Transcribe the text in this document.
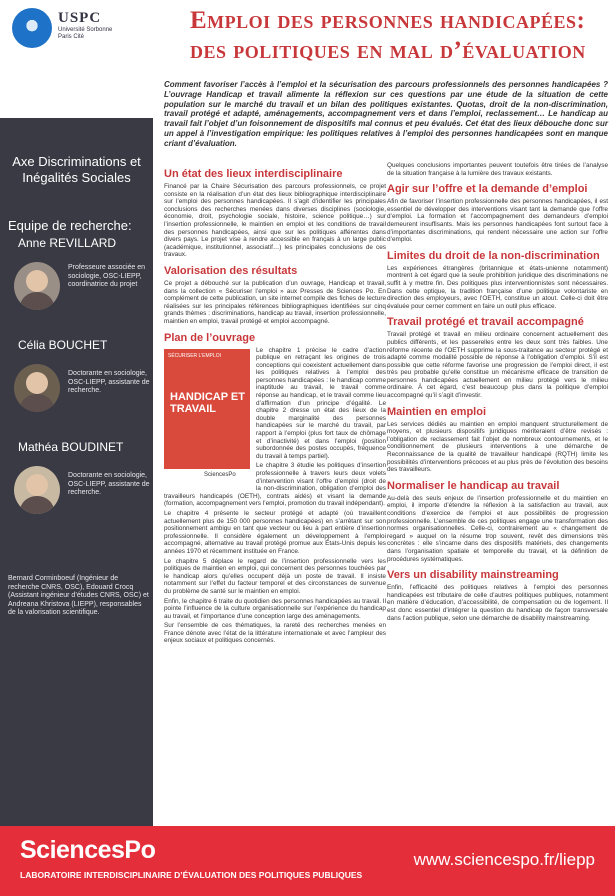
USPC
Université Sorbonne Paris Cité
Emploi des personnes handicapées: des politiques en mal d’évaluation

Comment favoriser l’accès à l’emploi et la sécurisation des parcours professionnels des personnes handicapées ? L’ouvrage Handicap et travail alimente la réflexion sur ces questions par une étude de la situation de cette population sur le marché du travail et un bilan des politiques existantes. Quotas, droit de la non-discrimination, travail protégé et adapté, aménagements, accompagnement vers et dans l’emploi, reclassement… Le handicap au travail fait l’objet d’un foisonnement de dispositifs mal connus et peu évalués. Cet état des lieux débouche donc sur un appel à l’investigation empirique: les politiques relatives à l’emploi des personnes handicapées sont en manque criant d’évaluation.

Axe Discriminations et Inégalités Sociales
Equipe de recherche:
Anne REVILLARD
Professeure associée en sociologie, OSC-LIEPP, coordinatrice du projet
Célia BOUCHET
Doctorante en sociologie, OSC-LIEPP, assistante de recherche.
Mathéa BOUDINET
Doctorante en sociologie, OSC-LIEPP, assistante de recherche.
Bernard Corminboeuf (Ingénieur de recherche CNRS, OSC), Edouard Crocq (Assistant ingénieur d’études CNRS, OSC) et Andreana Khristova (LIEPP), responsables de la valorisation scientifique.
Un état des lieux interdisciplinaire

Financé par la Chaire Sécurisation des parcours professionnels, ce projet consiste en la réalisation d’un état des lieux bibliographique interdisciplinaire sur l’emploi des personnes handicapées. Il s’agit d’identifier les principales conclusions des recherches menées dans diverses disciplines (sociologie, économie, droit, psychologie sociale, histoire, science politique…) sur l’insertion professionnelle, le maintien en emploi et les conditions de travail des personnes handicapées, ainsi que sur les politiques afférentes dans divers pays. Le projet vise à rendre accessible en français à un large public (académique, institutionnel, associatif…) les principales conclusions de ces travaux.

Valorisation des résultats

Ce projet a débouché sur la publication d’un ouvrage, Handicap et travail, dans la collection « Sécuriser l’emploi » aux Presses de Sciences Po. En complément de cette publication, un site internet compile des fiches de lecture réalisées sur les principales références bibliographiques identifiées sur cinq grands thèmes : discriminations, handicap au travail, insertion professionnelle, maintien en emploi, travail protégé et emploi accompagné.

Plan de l’ouvrage
SÉCURISER L’EMPLOI
HANDICAP ET TRAVAIL
SciencesPo

Le chapitre 1 précise le cadre d’action publique en retraçant les origines de trois conceptions qui coexistent actuellement dans les politiques relatives à l’emploi des personnes handicapées : le handicap comme inaptitude au travail, le travail comme réponse au handicap, et le travail comme lieu d’affirmation d’un principe d’égalité. Le chapitre 2 dresse un état des lieux de la double marginalité des personnes handicapées sur le marché du travail, par rapport à l’emploi (plus fort taux de chômage et d’inactivité) et dans l’emploi (position subordonnée des postes occupés, fréquence du travail à temps partiel).

Le chapitre 3 étudie les politiques d’insertion professionnelle à travers leurs deux volets d’intervention visant l’offre d’emploi (droit de la non-discrimination, obligation d’emploi des travailleurs handicapés (OETH), contrats aidés) et visant la demande (formation, accompagnement vers l’emploi, promotion du travail indépendant).

Le chapitre 4 présente le secteur protégé et adapté (où travaillent actuellement plus de 150 000 personnes handicapées) en s’arrêtant sur son positionnement ambigu en tant que vecteur ou lieu à part entière d’insertion professionnelle. Il considère également un développement à l’emploi accompagné, alternative au travail protégé promue aux États-Unis depuis les années 1970 et récemment instituée en France.

Le chapitre 5 déplace le regard de l’insertion professionnelle vers les politiques de maintien en emploi, qui concernent des personnes touchées par le handicap alors qu’elles occupent déjà un poste de travail. Il insiste notamment sur l’effet du facteur temporel et des circonstances de survenue du problème de santé sur le maintien en emploi.

Enfin, le chapitre 6 traite du quotidien des personnes handicapées au travail. Il pointe l’influence de la culture organisationnelle sur l’expérience du handicap au travail, et l’importance d’une conception large des aménagements.

Sur l’ensemble de ces thématiques, la rareté des recherches menées en France dénote avec l’état de la littérature internationale et avec l’ampleur des enjeux sociaux et politiques concernés.

Quelques conclusions importantes peuvent toutefois être tirées de l’analyse de la situation française à la lumière des travaux existants.

Agir sur l’offre et la demande d’emploi

Afin de favoriser l’insertion professionnelle des personnes handicapées, il est essentiel de développer des interventions visant tant la demande que l’offre d’emploi. La formation et l’accompagnement des demandeurs d’emploi demeurent insuffisants. Mais les personnes handicapées font surtout face à d’importantes discriminations, qui rendent nécessaire une action sur l’offre d’emploi.

Limites du droit de la non-discrimination

Les expériences étrangères (britannique et états-unienne notamment) montrent à cet égard que la seule prohibition juridique des discriminations ne suffit à y mettre fin. Des politiques plus interventionnistes sont nécessaires. Dans cette optique, la tradition française d’une politique volontariste en direction des employeurs, avec l’OETH, constitue un atout. Celle-ci doit être évaluée pour cerner comment en faire un outil plus efficace.

Travail protégé et travail accompagné

Travail protégé et travail en milieu ordinaire concernent actuellement des publics différents, et les passerelles entre les deux sont très faibles. Une réforme récente de l’OETH supprime la sous-traitance au secteur protégé et adapté comme modalité possible de réponse à l’obligation d’emploi. S’il est possible que cette réforme favorise une progression de l’emploi direct, il est très peu probable qu’elle constitue un mécanisme efficace de transition de personnes handicapées actuellement en milieu protégé vers le milieu ordinaire. À cet égard, c’est beaucoup plus dans la politique d’emploi accompagné qu’il s’agit d’investir.

Maintien en emploi

Les services dédiés au maintien en emploi manquent structurellement de moyens, et plusieurs dispositifs juridiques mériteraient d’être revisés : l’obligation de reclassement fait l’objet de nombreux contournements, et le conditionnement de plusieurs interventions à une démarche de Reconnaissance de la qualité de travailleur handicapé (RQTH) limite les possibilités d’interventions précoces et au plus près de l’évolution des besoins des travailleurs.

Normaliser le handicap au travail

Au-delà des seuls enjeux de l’insertion professionnelle et du maintien en emploi, il importe d’étendre la réflexion à la satisfaction au travail, aux conditions d’exercice de l’emploi et aux possibilités de progression professionnelle. L’ensemble de ces politiques engage une transformation des normes organisationnelles. Celle-ci, contrairement au « changement de regard » auquel on la résume trop souvent, revêt des dimensions très concrètes : elle s’incarne dans des dispositifs matériels, des changements dans l’organisation spatiale et temporelle du travail, et la définition de procédures systématiques.

Vers un disability mainstreaming

Enfin, l’efficacité des politiques relatives à l’emploi des personnes handicapées est tributaire de celle d’autres politiques publiques, notamment en matière d’éducation, d’accessibilité, de compensation ou de logement. Il est donc essentiel d’intégrer la question du handicap de façon transversale dans l’action publique, selon une démarche de disability mainstreaming.

SciencesPo
LABORATOIRE INTERDISCIPLINAIRE D’ÉVALUATION DES POLITIQUES PUBLIQUES
www.sciencespo.fr/liepp
